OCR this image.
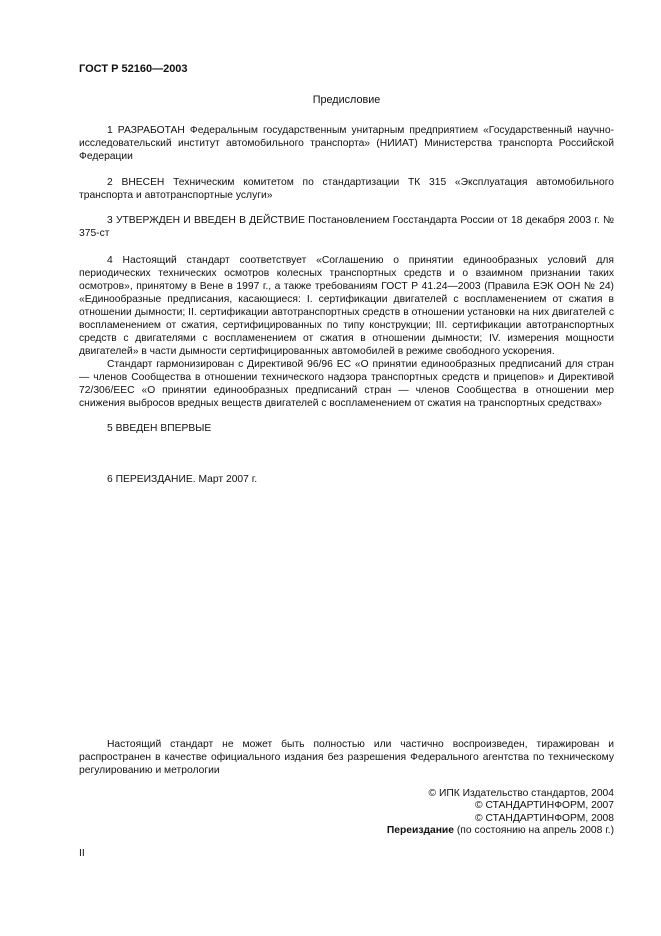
ГОСТ Р 52160—2003
Предисловие
1 РАЗРАБОТАН Федеральным государственным унитарным предприятием «Государственный научно-исследовательский институт автомобильного транспорта» (НИИАТ) Министерства транспорта Российской Федерации
2 ВНЕСЕН Техническим комитетом по стандартизации ТК 315 «Эксплуатация автомобильного транспорта и автотранспортные услуги»
3 УТВЕРЖДЕН И ВВЕДЕН В ДЕЙСТВИЕ Постановлением Госстандарта России от 18 декабря 2003 г. № 375-ст

4 Настоящий стандарт соответствует «Соглашению о принятии единообразных условий для периодических технических осмотров колесных транспортных средств и о взаимном признании таких осмотров», принятому в Вене в 1997 г., а также требованиям ГОСТ Р 41.24—2003 (Правила ЕЭК ООН № 24) «Единообразные предписания, касающиеся: I. сертификации двигателей с воспламенением от сжатия в отношении дымности; II. сертификации автотранспортных средств в отношении установки на них двигателей с воспламенением от сжатия, сертифицированных по типу конструкции; III. сертификации автотранспортных средств с двигателями с воспламенением от сжатия в отношении дымности; IV. измерения мощности двигателей» в части дымности сертифицированных автомобилей в режиме свободного ускорения.

Стандарт гармонизирован с Директивой 96/96 ЕС «О принятии единообразных предписаний для стран — членов Сообщества в отношении технического надзора транспортных средств и прицепов» и Директивой 72/306/ЕЕС «О принятии единообразных предписаний стран — членов Сообщества в отношении мер снижения выбросов вредных веществ двигателей с воспламенением от сжатия на транспортных средствах»

5 ВВЕДЕН ВПЕРВЫЕ
6 ПЕРЕИЗДАНИЕ. Март 2007 г.
Настоящий стандарт не может быть полностью или частично воспроизведен, тиражирован и распространен в качестве официального издания без разрешения Федерального агентства по техническому регулированию и метрологии
© ИПК Издательство стандартов, 2004
© СТАНДАРТИНФОРМ, 2007
© СТАНДАРТИНФОРМ, 2008
Переиздание (по состоянию на апрель 2008 г.)
II
